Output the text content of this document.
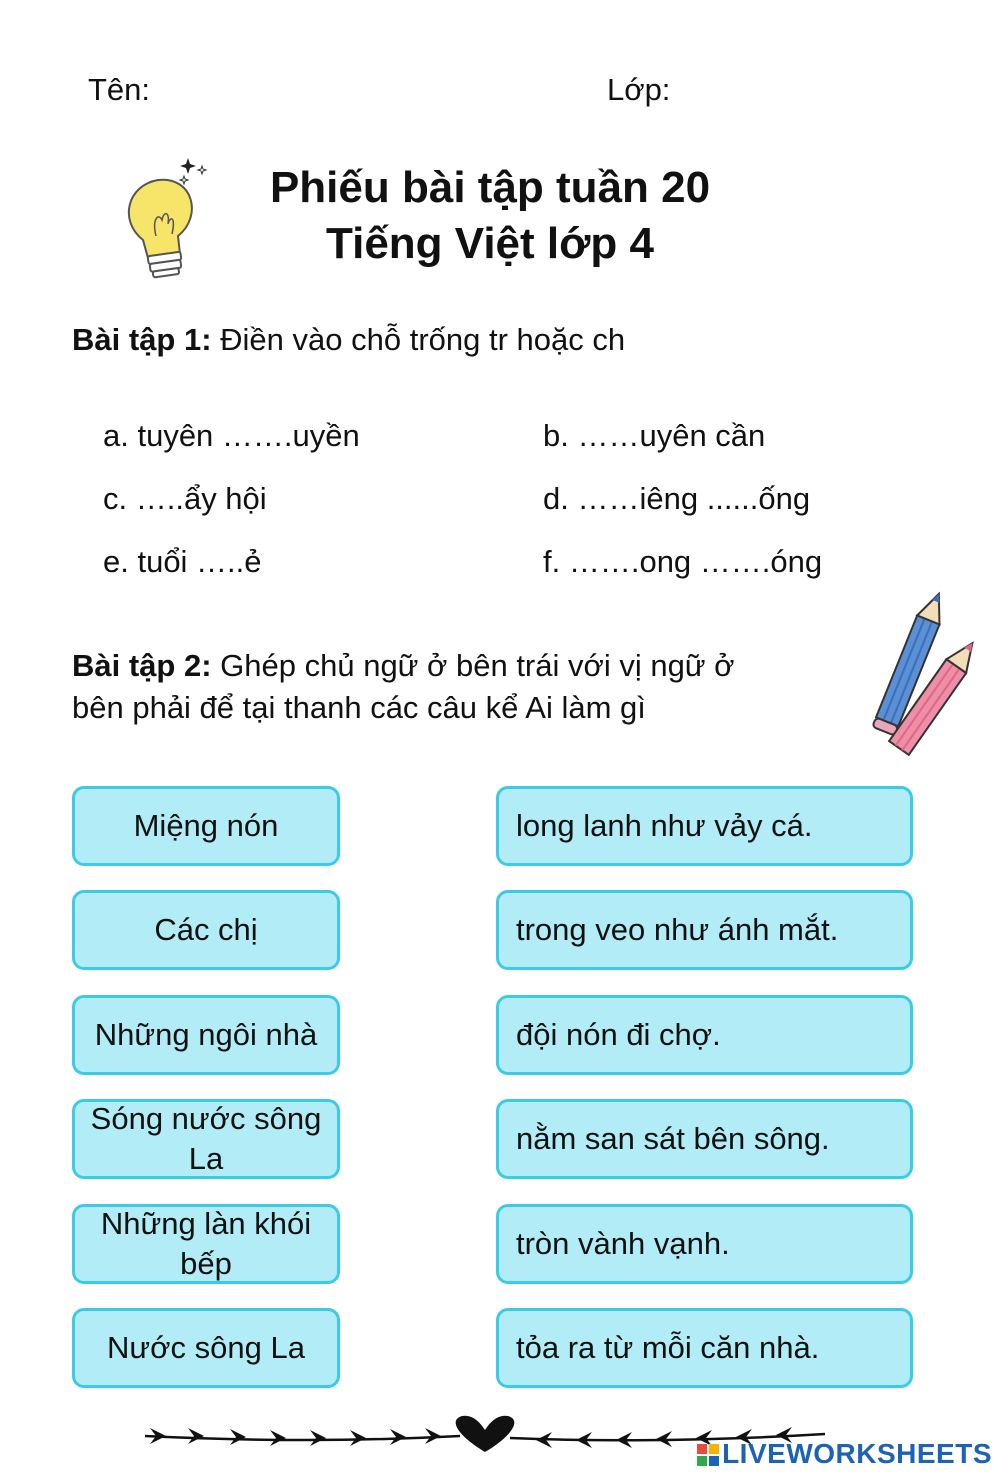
Tên:	Lớp:
Phiếu bài tập tuần 20
Tiếng Việt lớp 4
Bài tập 1: Điền vào chỗ trống tr hoặc ch
a. tuyên …….uyền	b. ……uyên cần
c. …..ẩy hội	d. ……iêng ......ống
e. tuổi …..ẻ	f. …….ong …….óng
Bài tập 2: Ghép chủ ngữ ở bên trái với vị ngữ ở
bên phải để tại thanh các câu kể Ai làm gì
Miệng nón
Các chị
Những ngôi nhà
Sóng nước sông La
Những làn khói bếp
Nước sông La
long lanh như vảy cá.
trong veo như ánh mắt.
đội nón đi chợ.
nằm san sát bên sông.
tròn vành vạnh.
tỏa ra từ mỗi căn nhà.
LIVEWORKSHEETS
